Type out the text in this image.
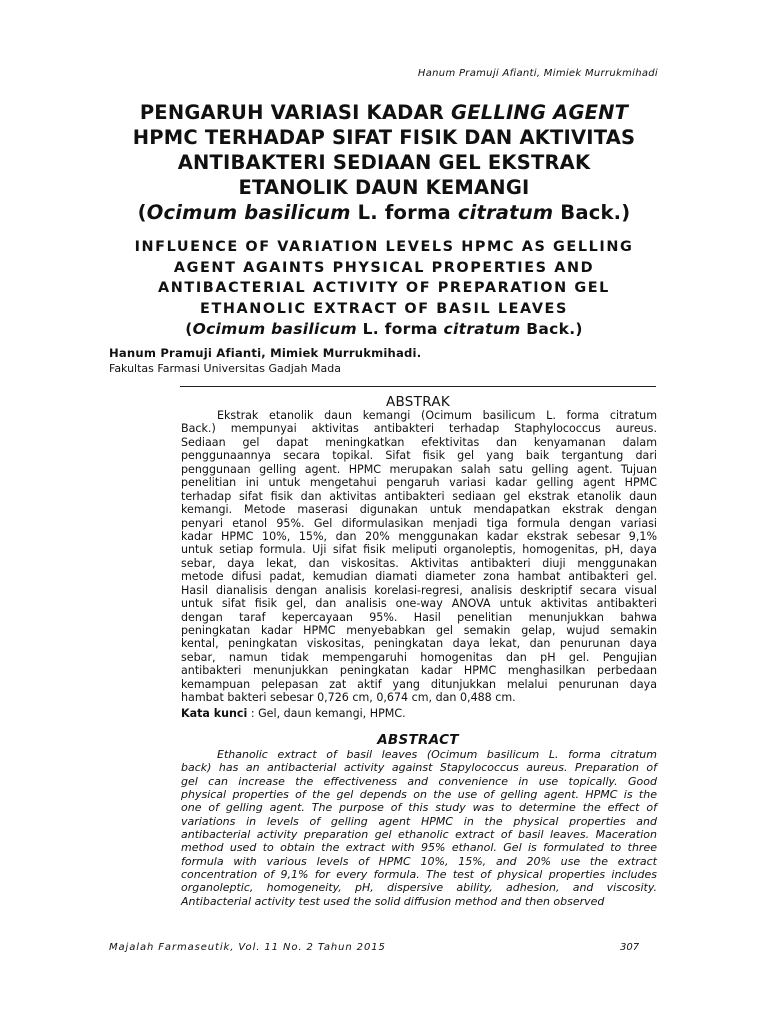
Hanum Pramuji Afianti, Mimiek Murrukmihadi
PENGARUH VARIASI KADAR GELLING AGENT
HPMC TERHADAP SIFAT FISIK DAN AKTIVITAS
ANTIBAKTERI SEDIAAN GEL EKSTRAK
ETANOLIK DAUN KEMANGI
(Ocimum basilicum L. forma citratum Back.)
INFLUENCE OF VARIATION LEVELS HPMC AS GELLING
AGENT AGAINTS PHYSICAL PROPERTIES AND
ANTIBACTERIAL ACTIVITY OF PREPARATION GEL
ETHANOLIC EXTRACT OF BASIL LEAVES
(Ocimum basilicum L. forma citratum Back.)
Hanum Pramuji Afianti, Mimiek Murrukmihadi.
Fakultas Farmasi Universitas Gadjah Mada
ABSTRAK
Ekstrak etanolik daun kemangi (Ocimum basilicum L. forma citratum
Back.) mempunyai aktivitas antibakteri terhadap Staphylococcus aureus.
Sediaan gel dapat meningkatkan efektivitas dan kenyamanan dalam
penggunaannya secara topikal. Sifat fisik gel yang baik tergantung dari
penggunaan gelling agent. HPMC merupakan salah satu gelling agent. Tujuan
penelitian ini untuk mengetahui pengaruh variasi kadar gelling agent HPMC
terhadap sifat fisik dan aktivitas antibakteri sediaan gel ekstrak etanolik daun
kemangi. Metode maserasi digunakan untuk mendapatkan ekstrak dengan
penyari etanol 95%. Gel diformulasikan menjadi tiga formula dengan variasi
kadar HPMC 10%, 15%, dan 20% menggunakan kadar ekstrak sebesar 9,1%
untuk setiap formula. Uji sifat fisik meliputi organoleptis, homogenitas, pH, daya
sebar, daya lekat, dan viskositas. Aktivitas antibakteri diuji menggunakan
metode difusi padat, kemudian diamati diameter zona hambat antibakteri gel.
Hasil dianalisis dengan analisis korelasi-regresi, analisis deskriptif secara visual
untuk sifat fisik gel, dan analisis one-way ANOVA untuk aktivitas antibakteri
dengan taraf kepercayaan 95%. Hasil penelitian menunjukkan bahwa
peningkatan kadar HPMC menyebabkan gel semakin gelap, wujud semakin
kental, peningkatan viskositas, peningkatan daya lekat, dan penurunan daya
sebar, namun tidak mempengaruhi homogenitas dan pH gel. Pengujian
antibakteri menunjukkan peningkatan kadar HPMC menghasilkan perbedaan
kemampuan pelepasan zat aktif yang ditunjukkan melalui penurunan daya
hambat bakteri sebesar 0,726 cm, 0,674 cm, dan 0,488 cm.
Kata kunci : Gel, daun kemangi, HPMC.
ABSTRACT
Ethanolic extract of basil leaves (Ocimum basilicum L. forma citratum
back) has an antibacterial activity against Stapylococcus aureus. Preparation of
gel can increase the effectiveness and convenience in use topically. Good
physical properties of the gel depends on the use of gelling agent. HPMC is the
one of gelling agent. The purpose of this study was to determine the effect of
variations in levels of gelling agent HPMC in the physical properties and
antibacterial activity preparation gel ethanolic extract of basil leaves. Maceration
method used to obtain the extract with 95% ethanol. Gel is formulated to three
formula with various levels of HPMC 10%, 15%, and 20% use the extract
concentration of 9,1% for every formula. The test of physical properties includes
organoleptic, homogeneity, pH, dispersive ability, adhesion, and viscosity.
Antibacterial activity test used the solid diffusion method and then observed
Majalah Farmaseutik, Vol. 11 No. 2 Tahun 2015	307
